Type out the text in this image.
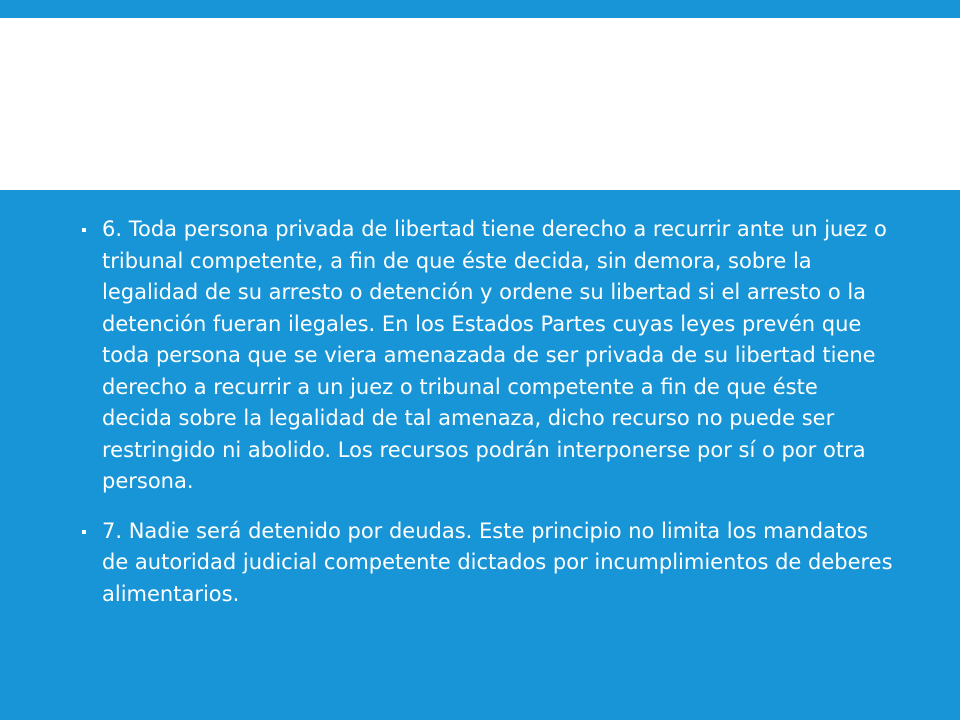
6. Toda persona privada de libertad tiene derecho a recurrir ante un juez o tribunal competente, a fin de que éste decida, sin demora, sobre la legalidad de su arresto o detención y ordene su libertad si el arresto o la detención fueran ilegales. En los Estados Partes cuyas leyes prevén que toda persona que se viera amenazada de ser privada de su libertad tiene derecho a recurrir a un juez o tribunal competente a fin de que éste decida sobre la legalidad de tal amenaza, dicho recurso no puede ser restringido ni abolido. Los recursos podrán interponerse por sí o por otra persona.
7. Nadie será detenido por deudas. Este principio no limita los mandatos de autoridad judicial competente dictados por incumplimientos de deberes alimentarios.
